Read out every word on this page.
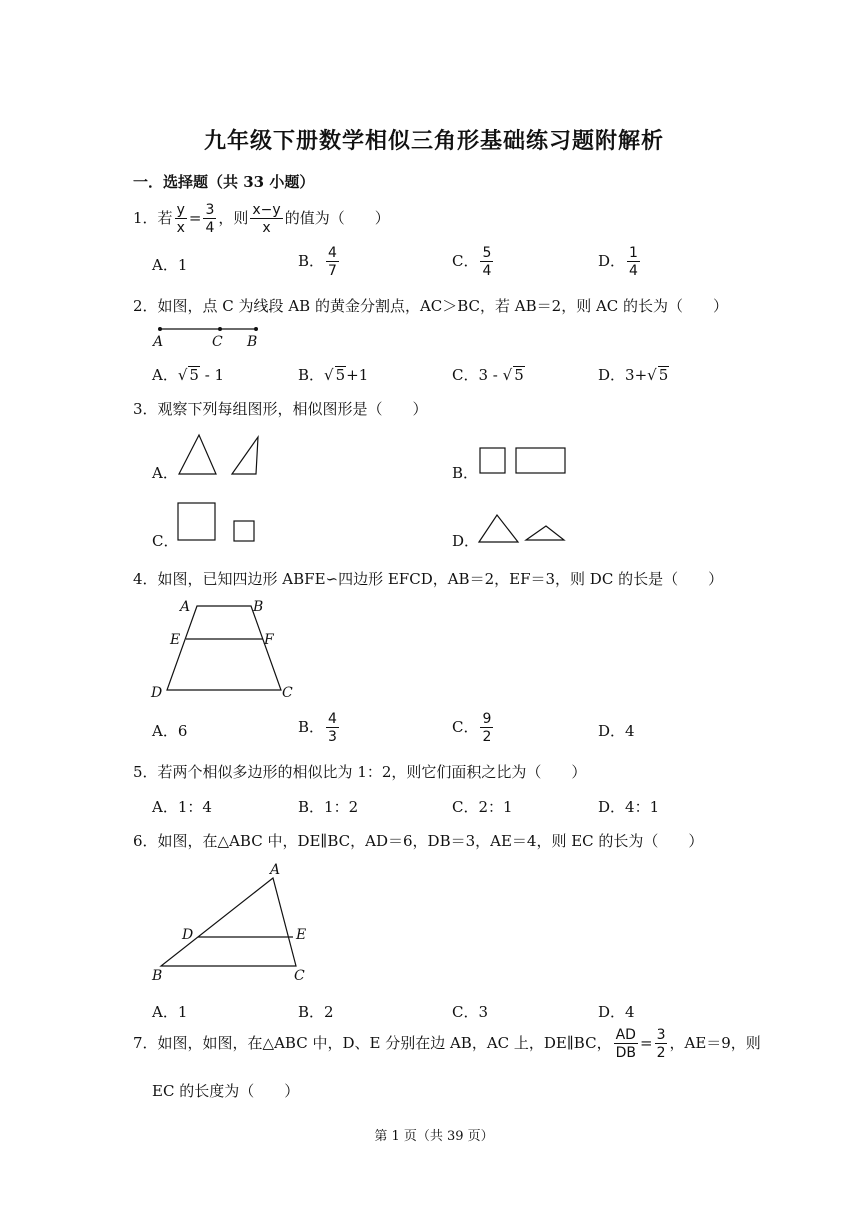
九年级下册数学相似三角形基础练习题附解析
一．选择题（共 33 小题）
1．若 $\frac{y}{x} = \frac{3}{4}$ ，则 $\frac{x-y}{x}$ 的值为（　　）
A．1	B． $\frac{4}{7}$	C． $\frac{5}{4}$	D． $\frac{1}{4}$
2．如图，点 C 为线段 AB 的黄金分割点，AC＞BC，若 AB＝2，则 AC 的长为（　　）
A	C B
A．√ 5 - 1	B．√ 5+1	C．3 - √ 5	D．3+√ 5
3．观察下列每组图形，相似图形是（　　）
A．	B．
C．	D．
4．如图，已知四边形 ABFE∽四边形 EFCD，AB＝2，EF＝3，则 DC 的长是（　　）
A	B
E	F
D	C
A．6	B． $\frac{4}{3}$	C． $\frac{9}{2}$	D．4
5．若两个相似多边形的相似比为 1：2，则它们面积之比为（　　）
A．1：4	B．1：2	C．2：1	D．4：1
6．如图，在△ABC 中，DE∥BC，AD＝6，DB＝3，AE＝4，则 EC 的长为（　　）
A
D	E
B	C
A．1	B．2	C．3	D．4
7．如图，如图，在△ABC 中，D、E 分别在边 AB，AC 上，DE∥BC， $\frac{AD}{DB} = \frac{3}{2}$ ，AE＝9，则
EC 的长度为（　　）
第 1 页（共 39 页）
